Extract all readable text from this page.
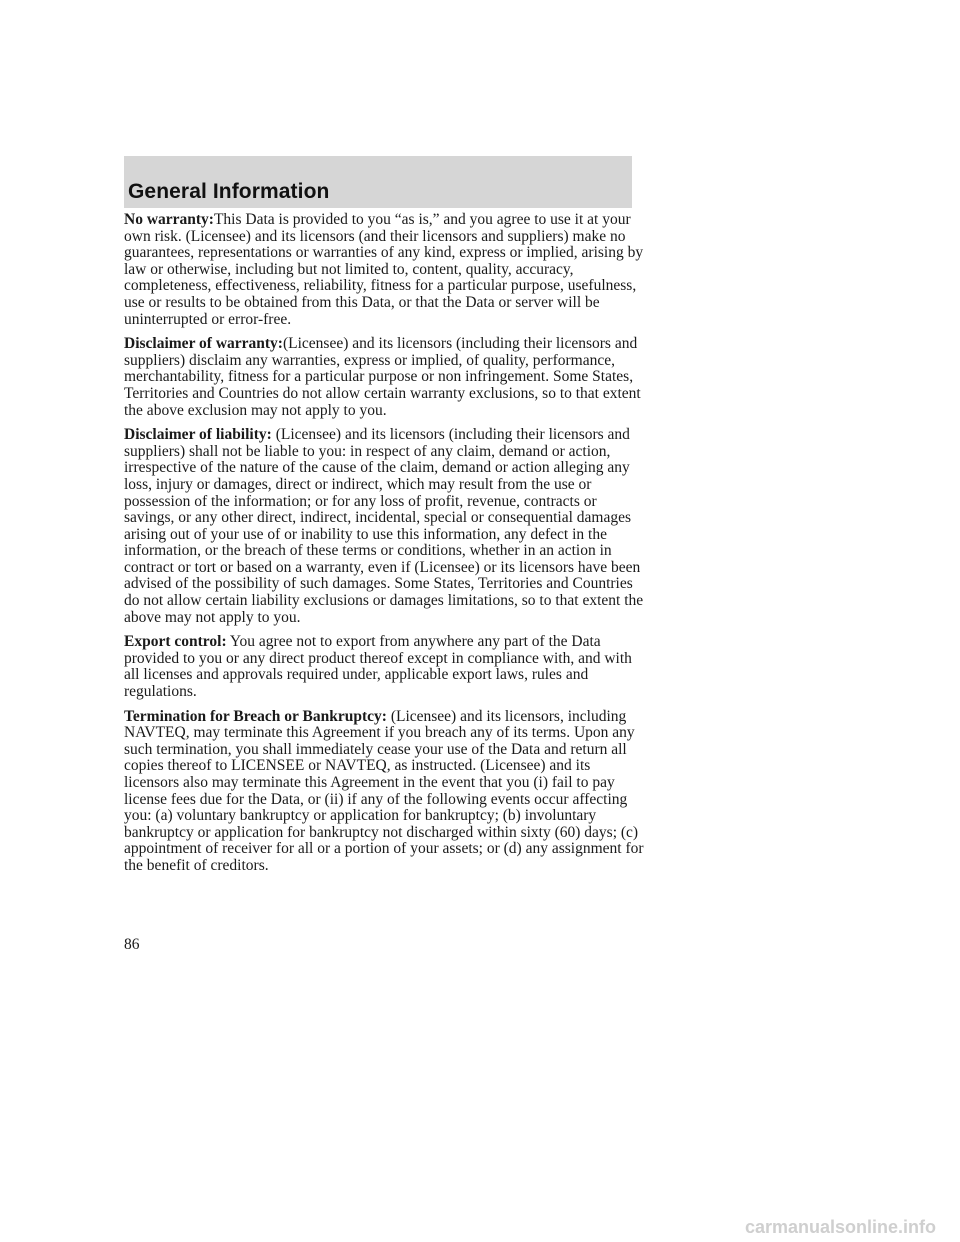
General Information

No warranty:This Data is provided to you “as is,” and you agree to use it at your own risk. (Licensee) and its licensors (and their licensors and suppliers) make no guarantees, representations or warranties of any kind, express or implied, arising by law or otherwise, including but not limited to, content, quality, accuracy, completeness, effectiveness, reliability, fitness for a particular purpose, usefulness, use or results to be obtained from this Data, or that the Data or server will be uninterrupted or error-free.

Disclaimer of warranty:(Licensee) and its licensors (including their licensors and suppliers) disclaim any warranties, express or implied, of quality, performance, merchantability, fitness for a particular purpose or non infringement. Some States, Territories and Countries do not allow certain warranty exclusions, so to that extent the above exclusion may not apply to you.

Disclaimer of liability: (Licensee) and its licensors (including their licensors and suppliers) shall not be liable to you: in respect of any claim, demand or action, irrespective of the nature of the cause of the claim, demand or action alleging any loss, injury or damages, direct or indirect, which may result from the use or possession of the information; or for any loss of profit, revenue, contracts or savings, or any other direct, indirect, incidental, special or consequential damages arising out of your use of or inability to use this information, any defect in the information, or the breach of these terms or conditions, whether in an action in contract or tort or based on a warranty, even if (Licensee) or its licensors have been advised of the possibility of such damages. Some States, Territories and Countries do not allow certain liability exclusions or damages limitations, so to that extent the above may not apply to you.

Export control: You agree not to export from anywhere any part of the Data provided to you or any direct product thereof except in compliance with, and with all licenses and approvals required under, applicable export laws, rules and regulations.

Termination for Breach or Bankruptcy: (Licensee) and its licensors, including NAVTEQ, may terminate this Agreement if you breach any of its terms. Upon any such termination, you shall immediately cease your use of the Data and return all copies thereof to LICENSEE or NAVTEQ, as instructed. (Licensee) and its licensors also may terminate this Agreement in the event that you (i) fail to pay license fees due for the Data, or (ii) if any of the following events occur affecting you: (a) voluntary bankruptcy or application for bankruptcy; (b) involuntary bankruptcy or application for bankruptcy not discharged within sixty (60) days; (c) appointment of receiver for all or a portion of your assets; or (d) any assignment for the benefit of creditors.

86
carmanualsonline.info
